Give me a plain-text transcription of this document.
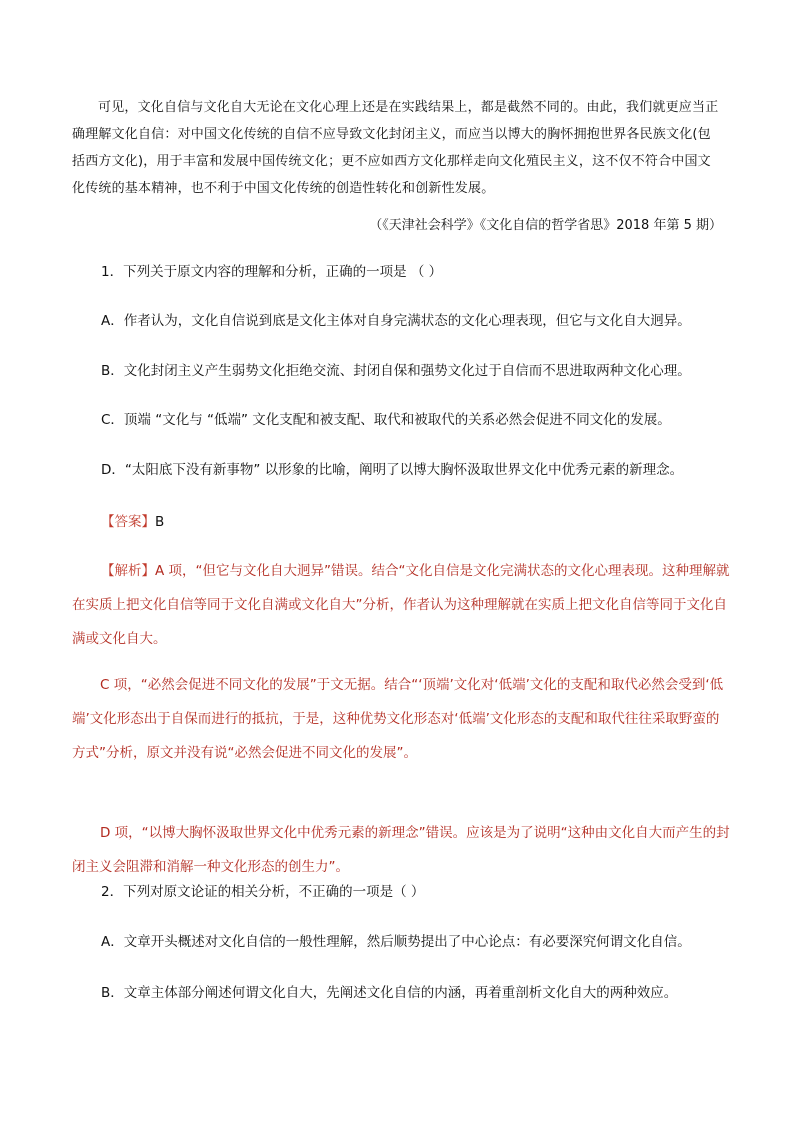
可见，文化自信与文化自大无论在文化心理上还是在实践结果上，都是截然不同的。由此，我们就更应当正确理解文化自信：对中国文化传统的自信不应导致文化封闭主义，而应当以博大的胸怀拥抱世界各民族文化(包括西方文化)，用于丰富和发展中国传统文化；更不应如西方文化那样走向文化殖民主义，这不仅不符合中国文化传统的基本精神，也不利于中国文化传统的创造性转化和创新性发展。

（《天津社会科学》《文化自信的哲学省思》2018 年第 5 期）

1．下列关于原文内容的理解和分析，正确的一项是 （ ）

A．作者认为，文化自信说到底是文化主体对自身完满状态的文化心理表现，但它与文化自大迥异。

B．文化封闭主义产生弱势文化拒绝交流、封闭自保和强势文化过于自信而不思进取两种文化心理。

C．顶端 “文化与 “低端” 文化支配和被支配、取代和被取代的关系必然会促进不同文化的发展。

D．“太阳底下没有新事物” 以形象的比喻，阐明了以博大胸怀汲取世界文化中优秀元素的新理念。

【答案】B

【解析】A 项，“但它与文化自大迥异”错误。结合“文化自信是文化完满状态的文化心理表现。这种理解就在实质上把文化自信等同于文化自满或文化自大”分析，作者认为这种理解就在实质上把文化自信等同于文化自满或文化自大。

C 项，“必然会促进不同文化的发展”于文无据。结合“‘顶端’文化对‘低端’文化的支配和取代必然会受到‘低端’文化形态出于自保而进行的抵抗，于是，这种优势文化形态对‘低端’文化形态的支配和取代往往采取野蛮的方式”分析，原文并没有说“必然会促进不同文化的发展”。

D 项，“以博大胸怀汲取世界文化中优秀元素的新理念”错误。应该是为了说明“这种由文化自大而产生的封闭主义会阻滞和消解一种文化形态的创生力”。

2．下列对原文论证的相关分析，不正确的一项是（ ）

A．文章开头概述对文化自信的一般性理解，然后顺势提出了中心论点：有必要深究何谓文化自信。

B．文章主体部分阐述何谓文化自大，先阐述文化自信的内涵，再着重剖析文化自大的两种效应。
